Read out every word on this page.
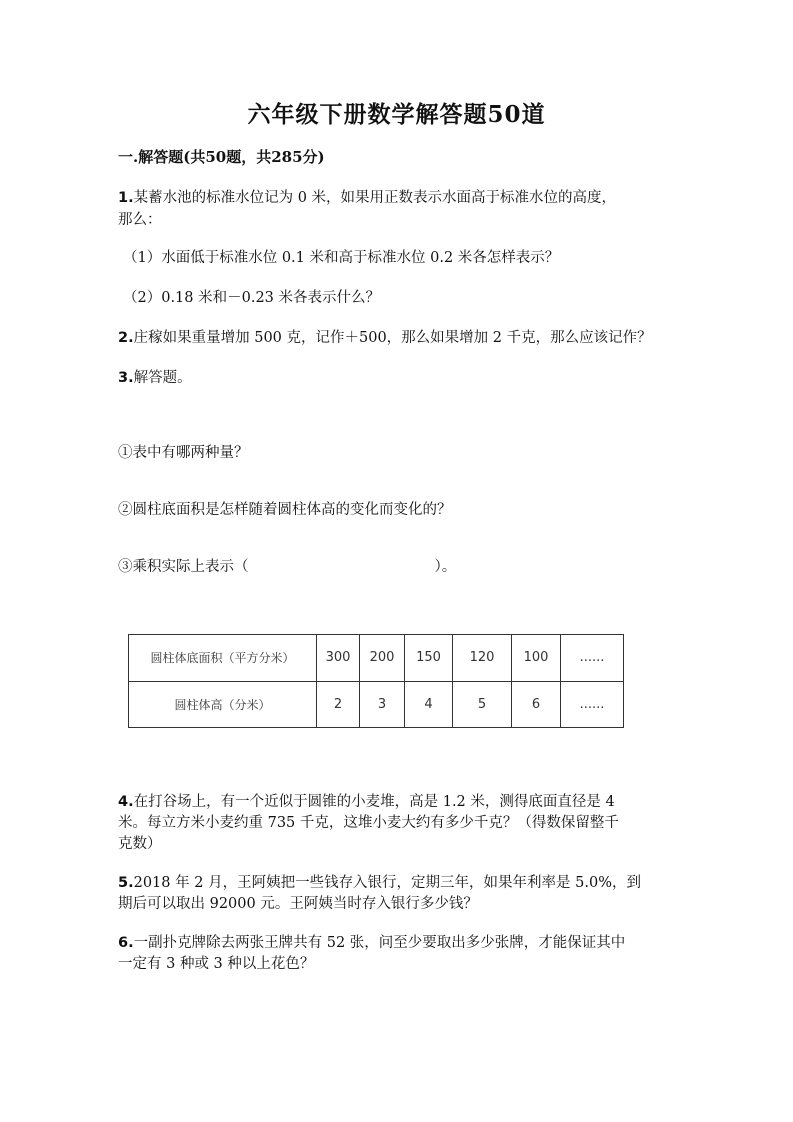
六年级下册数学解答题50道
一.解答题(共50题，共285分)
1.某蓄水池的标准水位记为 0 米，如果用正数表示水面高于标准水位的高度，
那么：
（1）水面低于标准水位 0.1 米和高于标准水位 0.2 米各怎样表示？
（2）0.18 米和－0.23 米各表示什么？
2.庄稼如果重量增加 500 克，记作＋500，那么如果增加 2 千克，那么应该记作？
3.解答题。
①表中有哪两种量？
②圆柱底面积是怎样随着圆柱体高的变化而变化的？
③乘积实际上表示（	）。
圆柱体底面积（平方分米）	300	200	150	120	100	......
圆柱体高（分米）	2	3	4	5	6	......
4.在打谷场上，有一个近似于圆锥的小麦堆，高是 1.2 米，测得底面直径是 4
米。每立方米小麦约重 735 千克，这堆小麦大约有多少千克？（得数保留整千
克数）
5.2018 年 2 月，王阿姨把一些钱存入银行，定期三年，如果年利率是 5.0%，到
期后可以取出 92000 元。王阿姨当时存入银行多少钱？
6.一副扑克牌除去两张王牌共有 52 张，问至少要取出多少张牌，才能保证其中
一定有 3 种或 3 种以上花色？
